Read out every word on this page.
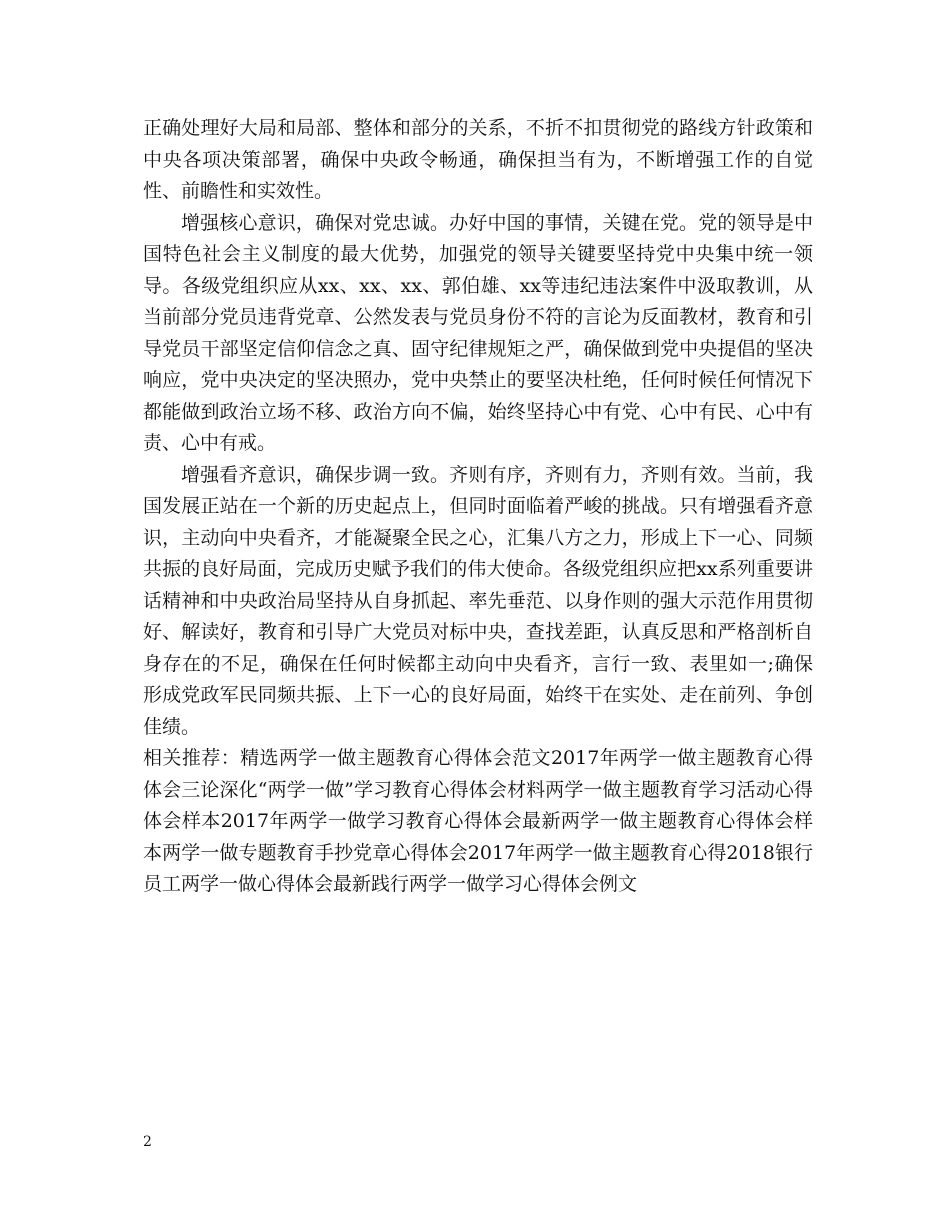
正确处理好大局和局部、整体和部分的关系，不折不扣贯彻党的路线方针政策和中央各项决策部署，确保中央政令畅通，确保担当有为，不断增强工作的自觉性、前瞻性和实效性。

增强核心意识，确保对党忠诚。办好中国的事情，关键在党。党的领导是中国特色社会主义制度的最大优势，加强党的领导关键要坚持党中央集中统一领导。各级党组织应从xx、xx、xx、郭伯雄、xx等违纪违法案件中汲取教训，从当前部分党员违背党章、公然发表与党员身份不符的言论为反面教材，教育和引导党员干部坚定信仰信念之真、固守纪律规矩之严，确保做到党中央提倡的坚决响应，党中央决定的坚决照办，党中央禁止的要坚决杜绝，任何时候任何情况下都能做到政治立场不移、政治方向不偏，始终坚持心中有党、心中有民、心中有责、心中有戒。

增强看齐意识，确保步调一致。齐则有序，齐则有力，齐则有效。当前，我国发展正站在一个新的历史起点上，但同时面临着严峻的挑战。只有增强看齐意识，主动向中央看齐，才能凝聚全民之心，汇集八方之力，形成上下一心、同频共振的良好局面，完成历史赋予我们的伟大使命。各级党组织应把xx系列重要讲话精神和中央政治局坚持从自身抓起、率先垂范、以身作则的强大示范作用贯彻好、解读好，教育和引导广大党员对标中央，查找差距，认真反思和严格剖析自身存在的不足，确保在任何时候都主动向中央看齐，言行一致、表里如一;确保形成党政军民同频共振、上下一心的良好局面，始终干在实处、走在前列、争创佳绩。

相关推荐：精选两学一做主题教育心得体会范文2017年两学一做主题教育心得体会三论深化“两学一做”学习教育心得体会材料两学一做主题教育学习活动心得体会样本2017年两学一做学习教育心得体会最新两学一做主题教育心得体会样本两学一做专题教育手抄党章心得体会2017年两学一做主题教育心得2018银行员工两学一做心得体会最新践行两学一做学习心得体会例文

2
